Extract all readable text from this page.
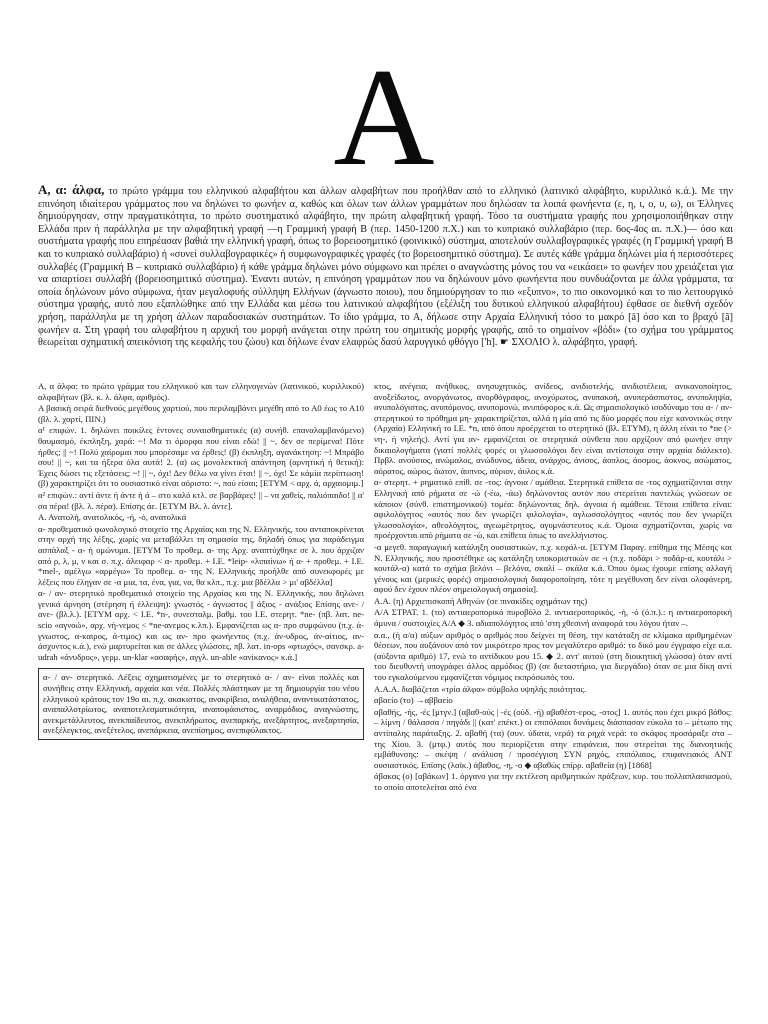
A
Α, α: άλφα, το πρώτο γράμμα του ελληνικού αλφαβήτου και άλλων αλφαβήτων που προήλθαν από το ελληνικό (λατινικό αλφάβητο, κυριλλικό κ.ά.). Με την επινόηση ιδιαίτερου γράμματος που να δηλώνει το φωνήεν α, καθώς και όλων των άλλων γραμμάτων που δηλώσαν τα λοιπά φωνήεντα (ε, η, ι, ο, υ, ω), οι Έλληνες δημιούργησαν, στην πραγματικότητα, το πρώτο συστηματικό αλφάβητο, την πρώτη αλφαβητική γραφή. Τόσο τα συστήματα γραφής που χρησιμοποιήθηκαν στην Ελλάδα πριν ή παράλληλα με την αλφαβητική γραφή —η Γραμμική γραφή Β (περ. 1450-1200 π.Χ.) και το κυπριακό συλλαβάριο (περ. 6ος-4ος αι. π.Χ.)— όσο και συστήματα γραφής που επηρέασαν βαθιά την ελληνική γραφή, όπως το βορειοσημιτικό (φοινικικό) σύστημα, αποτελούν συλλαβογραφικές γραφές (η Γραμμική γραφή Β και το κυπριακό συλλαβάριο) ή «συνεί συλλαβογραφικές» ή συμφωνογραφικές γραφές (το βορειοσημιτικό σύστημα). Σε αυτές κάθε γράμμα δηλώνει μία ή περισσότερες συλλαβές (Γραμμική Β – κυπριακό συλλαβάριο) ή κάθε γράμμα δηλώνει μόνο σύμφωνο και πρέπει ο αναγνώστης μόνος του να «εικάσει» το φωνήεν που χρειάζεται για να απαρτίσει συλλαβή (βορειοσημιτικό σύστημα). Έναντι αυτών, η επινόηση γραμμάτων που να δηλώνουν μόνο φωνήεντα που συνδυάζονται με άλλα γράμματα, τα οποία δηλώνουν μόνο σύμφωνα, ήταν μεγαλοφυής σύλληψη Ελλήνων (άγνωστο ποιου), που δημιούργησαν το πιο «εξυπνο», το πιο οικονομικό και το πιο λειτουργικό σύστημα γραφής, αυτό που εξαπλώθηκε από την Ελλάδα και μέσω του λατινικού αλφαβήτου (εξέλιξη του δυτικού ελληνικού αλφαβήτου) έφθασε σε διεθνή σχεδόν χρήση, παράλληλα με τη χρήση άλλων παραδοσιακών συστημάτων. Το ίδιο γράμμα, το Α, δήλωσε στην Αρχαία Ελληνική τόσο το μακρό [ā] όσο και το βραχύ [ă] φωνήεν α. Στη γραφή του αλφαβήτου η αρχική του μορφή ανάγεται στην πρώτη του σημιτικής μορφής γραφής, από το σημαίνον «βόδι» (το σχήμα του γράμματος θεωρείται σχηματική απεικόνιση της κεφαλής του ζώου) και δήλωνε έναν ελαφρώς δασύ λαρυγγικό φθόγγο ['h]. ☛ ΣΧΟΛΙΟ λ. αλφάβητο, γραφή.
Α, α άλφα: το πρώτο γράμμα του ελληνικού και των ελληνογενών (λατινικού, κυριλλικού) αλφαβήτων (βλ. κ. λ. άλφα, αριθμός).
Α βασική σειρά διεθνούς μεγέθους χαρτιού, που περιλαμβάνει μεγέθη από το Α0 έως το Α10 (βλ. λ. χαρτί, ΠΙΝ.)
α¹ επιφών. 1. δηλώνει ποικίλες έντονες συναισθηματικές (α) συνήθ. επαναλαμβανόμενο) θαυμασμό, έκπληξη, χαρά: ~! Μα τι όμορφα που είναι εδώ! || ~, δεν σε περίμενα! Πότε ήρθες; || ~! Πολύ χαίρομαι που μπορέσαμε να έρθεις! (β) έκπληξη, αγανάκτηση: ~! Μπράβο σου! || ~, και τα ήξερα όλα αυτά! 2. (α) ως μονολεκτική απάντηση (αρνητική ή θετική): Έχεις δώσει τις εξετάσεις; ~! || ~, όχι! Δεν θέλω να γίνει έτσι! || ~, όχι! Σε κάμία περίπτωση! (β) χαρακτηρίζει ότι το ουσιαστικό είναι αόριστο: ~, πού είσαι; [ΕΤΥΜ < αρχ. ά, αρχαιομιμ.]
α² επιφών.: αντί άντε ή άντε ή ά – στο καλό κτλ. σε βαρβάρες! || – να χαθείς, παλιόπαιδο! || α' σα πέρα! (βλ. λ. πέρα). Επίσης άε. [ΕΤΥΜ Βλ. λ. άντε].
Α. Ανατολή, ανατολικός, -ή, -ό, ανατολικά
α- προθεματικό φωνολογικό στοιχείο της Αρχαίας και της Ν. Ελληνικής, του ανταποκρίνεται στην αρχή της λέξης, χωρίς να μεταβάλλει τη σημασία της, δηλαδή όπως για παράδειγμα ασπάλαξ - α- ή ομώνυμα. [ΕΤΥΜ Το προθεμ. α- της Αρχ. αναπτύχθηκε σε λ. που άρχιζαν από ρ, λ, μ, ν και σ. π.χ. άλειφαρ < α- προθεμ. + I.E. *leip- «λιπαίνω» ή α- + προθεμ. + I.E. *mel-, αμέλγω «αρμέγω» Το προθεμ. α- της Ν. Ελληνικής προήλθε από συνεκφορές με λέξεις που έληγαν σε -α μια, τα, ένα, για, να, θα κλπ., π.χ. μια βδέλλα > μι' αβδέλλα]
α- / αν- στερητικό προθεματικό στοιχείο της Αρχαίας και της Ν. Ελληνικής, που δηλώνει γενικά άρνηση (στέρηση ή έλλειψη): γνωστός - άγνωστος || άξιος - ανάξιος Επίσης ανε- / ανε- (βλ.λ.). [ΕΤΥΜ αρχ. < I.E. *n-, συνεσταλμ. βαθμ. του I.E. στερητ. *ne- (πβ. λατ. ne-scio «αγνοώ», αρχ. νή-νεμος < *ne-ανεμος κ.λπ.). Εμφανίζεται ως α- προ συμφώνου (π.χ. ά-γνωστος, α-καιρος, ά-τιμος) και ως αν- προ φωνήεντος (π.χ. άν-υδρος, άν-αίτιος, αν-άσχυντος κ.ά.), ενώ μαρτυρείται και σε άλλες γλώσσες, πβ. λατ. in-ops «φτωχός», σανσκρ. a-udrah «άνυδρος», γερμ. un-klar «ασαφής», αγγλ. un-able «ανίκανος» κ.ά.]
α- / αν- στερητικό. Λέξεις σχηματισμένες με το στερητικό α- / αν- είναι πολλές και συνήθεις στην Ελληνική, αρχαία και νέα. Πολλές πλάστηκαν με τη δημιουργία του νέου ελληνικού κράτους τον 19ο αι. π.χ. ακακιστος, ανακρίβεια, αναλήθεια, αναντικατάστατος, αναπαλλοτρίωτος, αναποτελεσματικότητα, αναποφάσιστος, αναρμόδιος, αναγνώστης, ανεκμετάλλευτος, ανεκπαίδευτος, ανεκπλήρωτος, ανεπαρκής, ανεξάρτητος, ανεξαρτησία, ανεξέλεγκτος, ανεξέτελος, ανεπάρκεια, ανεπίσημος, ανεπιφύλακτος.
κτος, ανέγεια, ανήθικος, ανησυχητικός, ανίδεος, ανιδιοτελής, ανιδιοτέλεια, ανικανοποίητος, ανοξείδωτος, ανοργάνωτος, ανορθόγραφος, ανοχύρωτος, ανυπακοή, ανυπεράσπιστος, ανυποληψία, ανυπολόγιστος, ανυπόμονος, ανυπομονώ, ανυπόφορος κ.ά. Ως σημασιολογικό ισοδύναμο του α- / αν- στερητικού το πρόθημα μη- χαρακτηρίζεται, αλλά η μία από τις δύο μορφές που είχε κανονικώς στην (Αρχαία) Ελληνική το I.E. *n, από όπου προέρχεται το στερητικό (βλ. ΕΤΥΜ), η άλλη είναι το *ne (> νη-, ή νηλεής). Αντί για αν- εμφανίζεται σε στερητικά σύνθετα που αρχίζουν από φωνήεν στην δικαιολογήματα (γιατί πολλές φορές οι γλωσσολόγοι δεν είναι αντίστοιχα στην αρχαία διάλεκτο). Πρβλ. ανούσιος, ανώμαλος, ανώδυνος, άδεια, ανάρχος, άνισος, άοπλος, άοσμος, άοκνος, ασώματος, αόρατος, αώρος, άωτον, άυπνος, αύριον, άυλος κ.ά.
α- στερητ. + ρηματικό επίθ. σε -τος: άγνοια / αμάθεια. Στερητικά επίθετα σε -τος σχηματίζονται στην Ελληνική από ρήματα σε -ώ (-έω, -άω) δηλώνοντας αυτόν που στερείται παντελώς γνώσεων σε κάποιον (σύνθ. επιστημονικού) τομέα: δηλώνοντας δηλ. άγνοια ή αμάθεια. Τέτοια επίθετα είναι: αφιλολόγητος «αυτός που δεν γνωρίζει φιλολογία», αγλωσσολόγητος «αυτός που δεν γνωρίζει γλωσσολογία», αθεολόγητος, αγεωμέτρητος, αγυμνάστευτος κ.ά. Όμοια σχηματίζονται, χωρίς να προέρχονται από ρήματα σε -ώ, και επίθετα όπως το ανελλήνιστος.
-α μεγεθ. παραγωγική κατάληξη ουσιαστικών, π.χ. κεφάλ-α. [ΕΤΥΜ Παραγ. επίθημα της Μέσης και Ν. Ελληνικής, που προστέθηκε ως κατάληξη υποκοριστικών σε -ι (π.χ. ποδάρι > ποδάρ-α, κουτάλι > κουτάλ-α) κατά το σχήμα βελόνι – βελόνα, σκαλί – σκάλα κ.ά. Όπου όμως έχουμε επίσης αλλαγή γένους και (μερικές φορές) σημασιολογική διαφοροποίηση, τότε η μεγέθυνση δεν είναι ολοφάνερη, αφού δεν έχουν πλέον σημειολογική σημασία].
Α.Α. (η) Αρχιεπισκοπή Αθηνών (σε πινακίδες οχημάτων της)
Α/Α ΣΤΡΑΤ. 1. (το) αντιαεροπορικό πυροβόλο 2. αντιαεροπορικός, -ή, -ό (ό.π.).: η αντιαεροπορική άμυνα / συστοιχίες Α/Α ◆ 3. αδιαπολόγητος από 'στη χθεσινή αναφορά του λόγου ήταν –.
α.α., (ή α/α) αύξων αριθμός ο αριθμός που δείχνει τη θέση, την κατάταξη σε κλίμακα αριθμημένων θέσεων, που αυξάνουν από τον μικρότερο προς τον μεγαλύτερο αριθμό: το δικό μου έγγραφο είχε α.α. (αύξοντα αριθμό) 17, ενώ το αντίδικου μου 15. ◆ 2. αντ' αυτού (στη διοικητική γλώσσα) όταν αντί του διευθυντή υπογράφει άλλος αρμόδιος (β) (σε διεταστήριο, για διεργάδιο) όταν σε μια δίκη αντί του εγκαλούμενου εμφανίζεται νόμιμος εκπρόσωπός του.
Α.Α.Α. διαβάζεται «τρία άλφα» σύμβολο υψηλής ποιότητας.
αβαείο (το) →αββαείο
αβαθής, -ής, -ές [μτγν.] (αβαθ-ούς | -ές (ούδ. -ή) αβαθέστ-ερος, -οτος] 1. αυτός που έχει μικρό βάθος: – λίμνη / θάλασσα / πηγάδι || (κατ' επέκτ.) οι επιπόλαιοι δυνάμεις διάσπασαν εύκολα το – μέτωπο της αντίπαλης παράταξης. 2. αβαθή (τα) (συν. ύδατα, νερά) τα ρηχά νερά: το σκάφος προσάραξε στα – της Χίου. 3. (μτφ.) αυτός που περιορίζεται στην επιφάνεια, που στερείται της διανοητικής εμβάθυνσης: – σκέψη / ανάλυση / προσέγγιση ΣΥΝ ρηχός, επιπόλαιος, επιφανειακός ΑΝΤ ουσιαστικός. Επίσης (λαϊκ.) άβαθος, -η, -ο ◆ αβαθώς επίρρ. αβαθεία (η) [1868]
άβακας (ο) [αβάκων] 1. όργανο για την εκτέλεση αριθμητικών πράξεων, κυρ. του πολλαπλασιασμού, το οποίο αποτελείται από ένα
